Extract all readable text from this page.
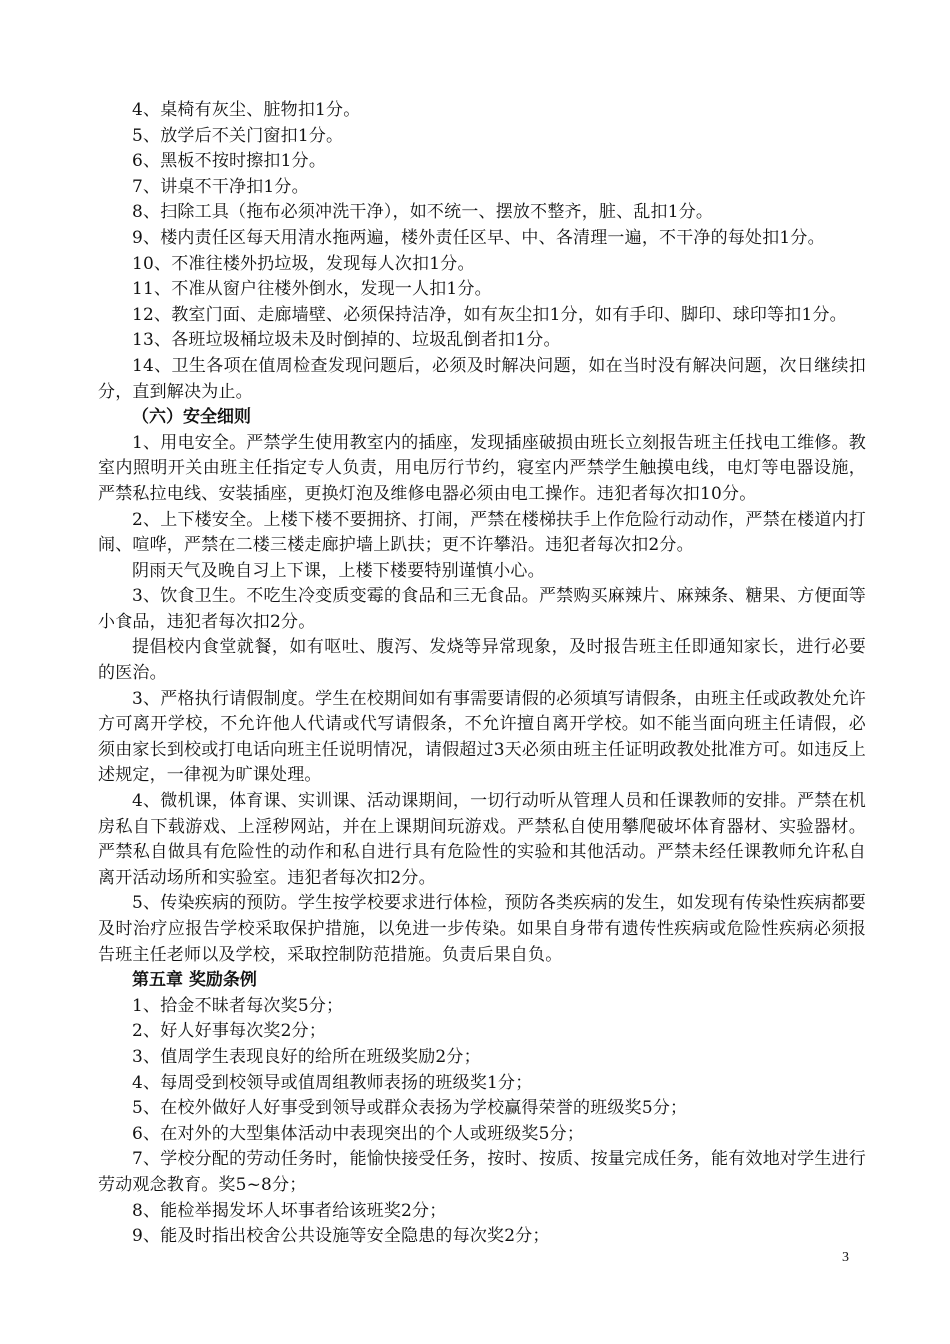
4、桌椅有灰尘、脏物扣1分。

5、放学后不关门窗扣1分。

6、黑板不按时擦扣1分。

7、讲桌不干净扣1分。

8、扫除工具（拖布必须冲洗干净），如不统一、摆放不整齐，脏、乱扣1分。

9、楼内责任区每天用清水拖两遍，楼外责任区早、中、各清理一遍，不干净的每处扣1分。

10、不准往楼外扔垃圾，发现每人次扣1分。

11、不准从窗户往楼外倒水，发现一人扣1分。

12、教室门面、走廊墙壁、必须保持洁净，如有灰尘扣1分，如有手印、脚印、球印等扣1分。

13、各班垃圾桶垃圾未及时倒掉的、垃圾乱倒者扣1分。

14、卫生各项在值周检查发现问题后，必须及时解决问题，如在当时没有解决问题，次日继续扣分，直到解决为止。

（六）安全细则

1、用电安全。严禁学生使用教室内的插座，发现插座破损由班长立刻报告班主任找电工维修。教室内照明开关由班主任指定专人负责，用电厉行节约，寝室内严禁学生触摸电线，电灯等电器设施，严禁私拉电线、安装插座，更换灯泡及维修电器必须由电工操作。违犯者每次扣10分。

2、上下楼安全。上楼下楼不要拥挤、打闹，严禁在楼梯扶手上作危险行动动作，严禁在楼道内打闹、喧哗，严禁在二楼三楼走廊护墙上趴扶；更不许攀沿。违犯者每次扣2分。

阴雨天气及晚自习上下课，上楼下楼要特别谨慎小心。

3、饮食卫生。不吃生冷变质变霉的食品和三无食品。严禁购买麻辣片、麻辣条、糖果、方便面等小食品，违犯者每次扣2分。

提倡校内食堂就餐，如有呕吐、腹泻、发烧等异常现象，及时报告班主任即通知家长，进行必要的医治。

3、严格执行请假制度。学生在校期间如有事需要请假的必须填写请假条，由班主任或政教处允许方可离开学校，不允许他人代请或代写请假条，不允许擅自离开学校。如不能当面向班主任请假，必须由家长到校或打电话向班主任说明情况，请假超过3天必须由班主任证明政教处批准方可。如违反上述规定，一律视为旷课处理。

4、微机课，体育课、实训课、活动课期间，一切行动听从管理人员和任课教师的安排。严禁在机房私自下载游戏、上淫秽网站，并在上课期间玩游戏。严禁私自使用攀爬破坏体育器材、实验器材。严禁私自做具有危险性的动作和私自进行具有危险性的实验和其他活动。严禁未经任课教师允许私自离开活动场所和实验室。违犯者每次扣2分。

5、传染疾病的预防。学生按学校要求进行体检，预防各类疾病的发生，如发现有传染性疾病都要及时治疗应报告学校采取保护措施，以免进一步传染。如果自身带有遗传性疾病或危险性疾病必须报告班主任老师以及学校，采取控制防范措施。负责后果自负。

第五章 奖励条例

1、拾金不昧者每次奖5分；

2、好人好事每次奖2分；

3、值周学生表现良好的给所在班级奖励2分；

4、每周受到校领导或值周组教师表扬的班级奖1分；

5、在校外做好人好事受到领导或群众表扬为学校赢得荣誉的班级奖5分；

6、在对外的大型集体活动中表现突出的个人或班级奖5分；

7、学校分配的劳动任务时，能愉快接受任务，按时、按质、按量完成任务，能有效地对学生进行劳动观念教育。奖5~8分；

8、能检举揭发坏人坏事者给该班奖2分；

9、能及时指出校舍公共设施等安全隐患的每次奖2分；

3
